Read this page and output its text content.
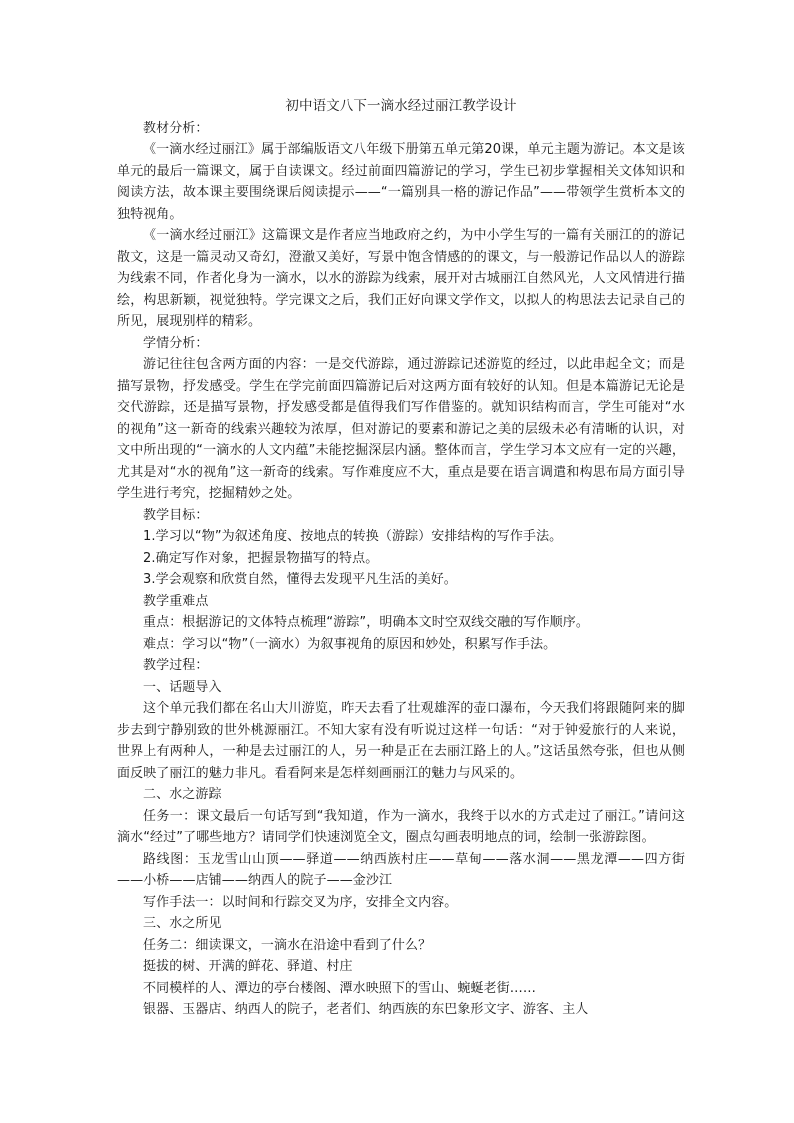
初中语文八下一滴水经过丽江教学设计

教材分析：

《一滴水经过丽江》属于部编版语文八年级下册第五单元第20课，单元主题为游记。本文是该单元的最后一篇课文，属于自读课文。经过前面四篇游记的学习，学生已初步掌握相关文体知识和阅读方法，故本课主要围绕课后阅读提示——“一篇别具一格的游记作品”——带领学生赏析本文的独特视角。

《一滴水经过丽江》这篇课文是作者应当地政府之约，为中小学生写的一篇有关丽江的的游记散文，这是一篇灵动又奇幻，澄澈又美好，写景中饱含情感的的课文，与一般游记作品以人的游踪为线索不同，作者化身为一滴水，以水的游踪为线索，展开对古城丽江自然风光，人文风情进行描绘，构思新颖，视觉独特。学完课文之后，我们正好向课文学作文，以拟人的构思法去记录自己的所见，展现别样的精彩。

学情分析：

游记往往包含两方面的内容：一是交代游踪，通过游踪记述游览的经过，以此串起全文；而是描写景物，抒发感受。学生在学完前面四篇游记后对这两方面有较好的认知。但是本篇游记无论是交代游踪，还是描写景物，抒发感受都是值得我们写作借鉴的。就知识结构而言，学生可能对“水的视角”这一新奇的线索兴趣较为浓厚，但对游记的要素和游记之美的层级未必有清晰的认识，对文中所出现的“一滴水的人文内蕴”未能挖掘深层内涵。整体而言，学生学习本文应有一定的兴趣，尤其是对“水的视角”这一新奇的线索。写作难度应不大，重点是要在语言调遣和构思布局方面引导学生进行考究，挖掘精妙之处。

教学目标：

1.学习以“物”为叙述角度、按地点的转换（游踪）安排结构的写作手法。

2.确定写作对象，把握景物描写的特点。

3.学会观察和欣赏自然，懂得去发现平凡生活的美好。

教学重难点

重点：根据游记的文体特点梳理“游踪”，明确本文时空双线交融的写作顺序。

难点：学习以“物”（一滴水）为叙事视角的原因和妙处，积累写作手法。

教学过程：

一、话题导入

这个单元我们都在名山大川游览，昨天去看了壮观雄浑的壶口瀑布，今天我们将跟随阿来的脚步去到宁静别致的世外桃源丽江。不知大家有没有听说过这样一句话：“对于钟爱旅行的人来说，世界上有两种人，一种是去过丽江的人，另一种是正在去丽江路上的人。”这话虽然夸张，但也从侧面反映了丽江的魅力非凡。看看阿来是怎样刻画丽江的魅力与风采的。

二、水之游踪

任务一：课文最后一句话写到“我知道，作为一滴水，我终于以水的方式走过了丽江。”请问这滴水“经过”了哪些地方？请同学们快速浏览全文，圈点勾画表明地点的词，绘制一张游踪图。

路线图：玉龙雪山山顶——驿道——纳西族村庄——草甸——落水洞——黑龙潭——四方街——小桥——店铺——纳西人的院子——金沙江

写作手法一：以时间和行踪交叉为序，安排全文内容。

三、水之所见

任务二：细读课文，一滴水在沿途中看到了什么？

挺拔的树、开满的鲜花、驿道、村庄

不同模样的人、潭边的亭台楼阁、潭水映照下的雪山、蜿蜒老街……

银器、玉器店、纳西人的院子，老者们、纳西族的东巴象形文字、游客、主人
